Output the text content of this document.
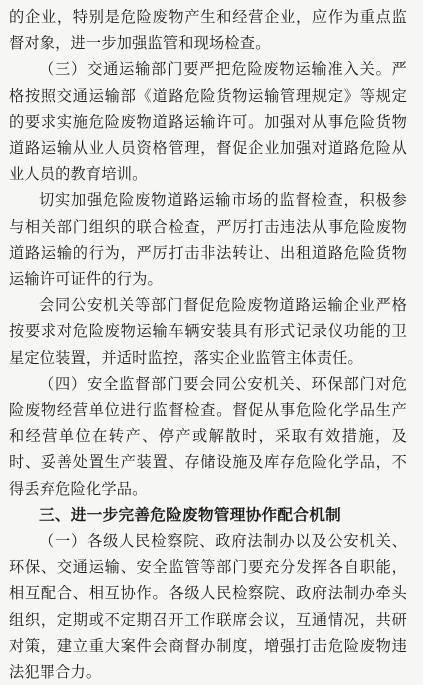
的企业，特别是危险废物产生和经营企业，应作为重点监督对象，进一步加强监管和现场检查。

（三）交通运输部门要严把危险废物运输准入关。严格按照交通运输部《道路危险货物运输管理规定》等规定的要求实施危险废物道路运输许可。加强对从事危险货物道路运输从业人员资格管理，督促企业加强对道路危险从业人员的教育培训。

切实加强危险废物道路运输市场的监督检查，积极参与相关部门组织的联合检查，严厉打击违法从事危险废物道路运输的行为，严厉打击非法转让、出租道路危险货物运输许可证件的行为。

会同公安机关等部门督促危险废物道路运输企业严格按要求对危险废物运输车辆安装具有形式记录仪功能的卫星定位装置，并适时监控，落实企业监管主体责任。

（四）安全监督部门要会同公安机关、环保部门对危险废物经营单位进行监督检查。督促从事危险化学品生产和经营单位在转产、停产或解散时，采取有效措施，及时、妥善处置生产装置、存储设施及库存危险化学品，不得丢弃危险化学品。

三、进一步完善危险废物管理协作配合机制

（一）各级人民检察院、政府法制办以及公安机关、环保、交通运输、安全监管等部门要充分发挥各自职能，相互配合、相互协作。各级人民检察院、政府法制办牵头组织，定期或不定期召开工作联席会议，互通情况，共研对策，建立重大案件会商督办制度，增强打击危险废物违法犯罪合力。
